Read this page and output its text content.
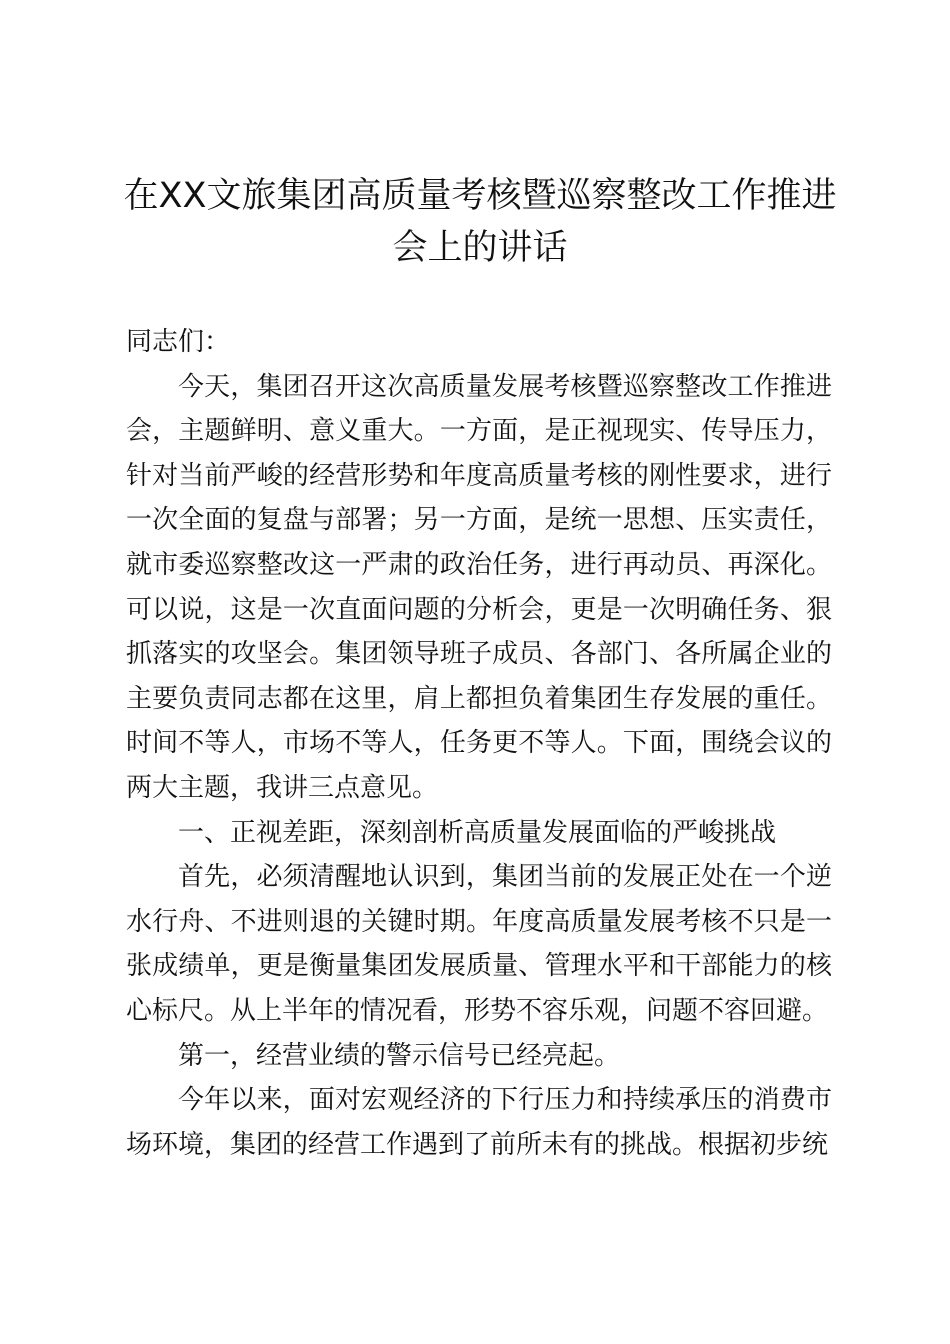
在XX文旅集团高质量考核暨巡察整改工作推进会上的讲话

同志们：

今天，集团召开这次高质量发展考核暨巡察整改工作推进会，主题鲜明、意义重大。一方面，是正视现实、传导压力，针对当前严峻的经营形势和年度高质量考核的刚性要求，进行一次全面的复盘与部署；另一方面，是统一思想、压实责任，就市委巡察整改这一严肃的政治任务，进行再动员、再深化。可以说，这是一次直面问题的分析会，更是一次明确任务、狠抓落实的攻坚会。集团领导班子成员、各部门、各所属企业的主要负责同志都在这里，肩上都担负着集团生存发展的重任。时间不等人，市场不等人，任务更不等人。下面，围绕会议的两大主题，我讲三点意见。

一、正视差距，深刻剖析高质量发展面临的严峻挑战

首先，必须清醒地认识到，集团当前的发展正处在一个逆水行舟、不进则退的关键时期。年度高质量发展考核不只是一张成绩单，更是衡量集团发展质量、管理水平和干部能力的核心标尺。从上半年的情况看，形势不容乐观，问题不容回避。

第一，经营业绩的警示信号已经亮起。

今年以来，面对宏观经济的下行压力和持续承压的消费市场环境，集团的经营工作遇到了前所未有的挑战。根据初步统
